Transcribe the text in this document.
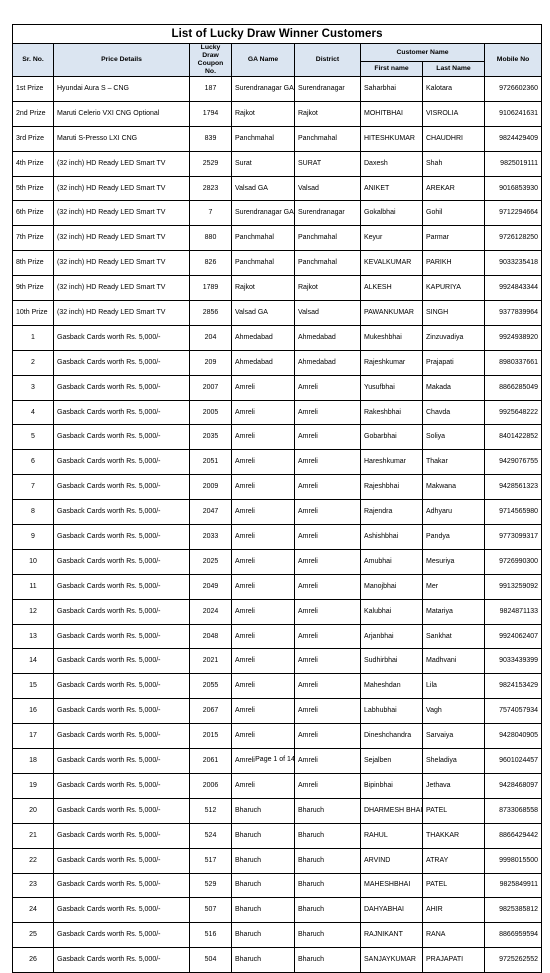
List of Lucky Draw Winner Customers							
Sr. No.	Price Details	Lucky Draw Coupon No.	GA Name	District	Customer Name		Mobile No
					First name	Last Name	
1st Prize	Hyundai Aura S – CNG	187	Surendranagar GA	Surendranagar	Saharbhai	Kalotara	9726602360
2nd Prize	Maruti Celerio VXI CNG Optional	1794	Rajkot	Rajkot	MOHITBHAI	VISROLIA	9106241631
3rd Prize	Maruti S-Presso LXI CNG	839	Panchmahal	Panchmahal	HITESHKUMAR	CHAUDHRI	9824429409
4th Prize	(32 inch) HD Ready LED Smart TV	2529	Surat	SURAT	Daxesh	Shah	9825019111
5th Prize	(32 inch) HD Ready LED Smart TV	2823	Valsad GA	Valsad	ANIKET	AREKAR	9016853930
6th Prize	(32 inch) HD Ready LED Smart TV	7	Surendranagar GA	Surendranagar	Gokalbhai	Gohil	9712294664
7th Prize	(32 inch) HD Ready LED Smart TV	880	Panchmahal	Panchmahal	Keyur	Parmar	9726128250
8th Prize	(32 inch) HD Ready LED Smart TV	826	Panchmahal	Panchmahal	KEVALKUMAR	PARIKH	9033235418
9th Prize	(32 inch) HD Ready LED Smart TV	1789	Rajkot	Rajkot	ALKESH	KAPURIYA	9924843344
10th Prize	(32 inch) HD Ready LED Smart TV	2856	Valsad GA	Valsad	PAWANKUMAR	SINGH	9377839964
1	Gasback Cards worth Rs. 5,000/-	204	Ahmedabad	Ahmedabad	Mukeshbhai	Zinzuvadiya	9924938920
2	Gasback Cards worth Rs. 5,000/-	209	Ahmedabad	Ahmedabad	Rajeshkumar	Prajapati	8980337661
3	Gasback Cards worth Rs. 5,000/-	2007	Amreli	Amreli	Yusufbhai	Makada	8866285049
4	Gasback Cards worth Rs. 5,000/-	2005	Amreli	Amreli	Rakeshbhai	Chavda	9925648222
5	Gasback Cards worth Rs. 5,000/-	2035	Amreli	Amreli	Gobarbhai	Soliya	8401422852
6	Gasback Cards worth Rs. 5,000/-	2051	Amreli	Amreli	Hareshkumar	Thakar	9429076755
7	Gasback Cards worth Rs. 5,000/-	2009	Amreli	Amreli	Rajeshbhai	Makwana	9428561323
8	Gasback Cards worth Rs. 5,000/-	2047	Amreli	Amreli	Rajendra	Adhyaru	9714565980
9	Gasback Cards worth Rs. 5,000/-	2033	Amreli	Amreli	Ashishbhai	Pandya	9773099317
10	Gasback Cards worth Rs. 5,000/-	2025	Amreli	Amreli	Amubhai	Mesuriya	9726990300
11	Gasback Cards worth Rs. 5,000/-	2049	Amreli	Amreli	Manojbhai	Mer	9913259092
12	Gasback Cards worth Rs. 5,000/-	2024	Amreli	Amreli	Kalubhai	Matariya	9824871133
13	Gasback Cards worth Rs. 5,000/-	2048	Amreli	Amreli	Arjanbhai	Sankhat	9924062407
14	Gasback Cards worth Rs. 5,000/-	2021	Amreli	Amreli	Sudhirbhai	Madhvani	9033439399
15	Gasback Cards worth Rs. 5,000/-	2055	Amreli	Amreli	Maheshdan	Lila	9824153429
16	Gasback Cards worth Rs. 5,000/-	2067	Amreli	Amreli	Labhubhai	Vagh	7574057934
17	Gasback Cards worth Rs. 5,000/-	2015	Amreli	Amreli	Dineshchandra	Sarvaiya	9428040905
18	Gasback Cards worth Rs. 5,000/-	2061	Amreli	Amreli	Sejalben	Sheladiya	9601024457
19	Gasback Cards worth Rs. 5,000/-	2006	Amreli	Amreli	Bipinbhai	Jethava	9428468097
20	Gasback Cards worth Rs. 5,000/-	512	Bharuch	Bharuch	DHARMESH BHAI	PATEL	8733068558
21	Gasback Cards worth Rs. 5,000/-	524	Bharuch	Bharuch	RAHUL	THAKKAR	8866429442
22	Gasback Cards worth Rs. 5,000/-	517	Bharuch	Bharuch	ARVIND	ATRAY	9998015500
23	Gasback Cards worth Rs. 5,000/-	529	Bharuch	Bharuch	MAHESHBHAI	PATEL	9825849911
24	Gasback Cards worth Rs. 5,000/-	507	Bharuch	Bharuch	DAHYABHAI	AHIR	9825385812
25	Gasback Cards worth Rs. 5,000/-	516	Bharuch	Bharuch	RAJNIKANT	RANA	8866959594
26	Gasback Cards worth Rs. 5,000/-	504	Bharuch	Bharuch	SANJAYKUMAR	PRAJAPATI	9725262552
Page 1 of 14
